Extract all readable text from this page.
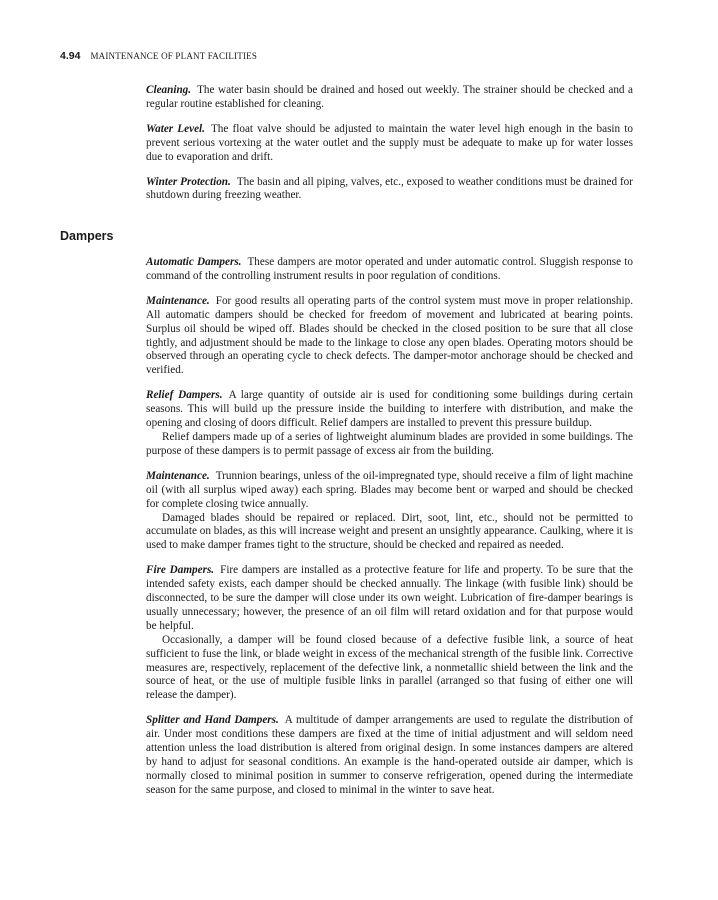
4.94 MAINTENANCE OF PLANT FACILITIES

Cleaning. The water basin should be drained and hosed out weekly. The strainer should be checked and a regular routine established for cleaning.

Water Level. The float valve should be adjusted to maintain the water level high enough in the basin to prevent serious vortexing at the water outlet and the supply must be adequate to make up for water losses due to evaporation and drift.

Winter Protection. The basin and all piping, valves, etc., exposed to weather conditions must be drained for shutdown during freezing weather.

Dampers

Automatic Dampers. These dampers are motor operated and under automatic control. Sluggish response to command of the controlling instrument results in poor regulation of conditions.

Maintenance. For good results all operating parts of the control system must move in proper relationship. All automatic dampers should be checked for freedom of movement and lubricated at bearing points. Surplus oil should be wiped off. Blades should be checked in the closed position to be sure that all close tightly, and adjustment should be made to the linkage to close any open blades. Operating motors should be observed through an operating cycle to check defects. The damper-motor anchorage should be checked and verified.

Relief Dampers. A large quantity of outside air is used for conditioning some buildings during certain seasons. This will build up the pressure inside the building to interfere with distribution, and make the opening and closing of doors difficult. Relief dampers are installed to prevent this pressure buildup.

Relief dampers made up of a series of lightweight aluminum blades are provided in some buildings. The purpose of these dampers is to permit passage of excess air from the building.

Maintenance. Trunnion bearings, unless of the oil-impregnated type, should receive a film of light machine oil (with all surplus wiped away) each spring. Blades may become bent or warped and should be checked for complete closing twice annually.

Damaged blades should be repaired or replaced. Dirt, soot, lint, etc., should not be permitted to accumulate on blades, as this will increase weight and present an unsightly appearance. Caulking, where it is used to make damper frames tight to the structure, should be checked and repaired as needed.

Fire Dampers. Fire dampers are installed as a protective feature for life and property. To be sure that the intended safety exists, each damper should be checked annually. The linkage (with fusible link) should be disconnected, to be sure the damper will close under its own weight. Lubrication of fire-damper bearings is usually unnecessary; however, the presence of an oil film will retard oxidation and for that purpose would be helpful.

Occasionally, a damper will be found closed because of a defective fusible link, a source of heat sufficient to fuse the link, or blade weight in excess of the mechanical strength of the fusible link. Corrective measures are, respectively, replacement of the defective link, a nonmetallic shield between the link and the source of heat, or the use of multiple fusible links in parallel (arranged so that fusing of either one will release the damper).

Splitter and Hand Dampers. A multitude of damper arrangements are used to regulate the distribution of air. Under most conditions these dampers are fixed at the time of initial adjustment and will seldom need attention unless the load distribution is altered from original design. In some instances dampers are altered by hand to adjust for seasonal conditions. An example is the hand-operated outside air damper, which is normally closed to minimal position in summer to conserve refrigeration, opened during the intermediate season for the same purpose, and closed to minimal in the winter to save heat.
